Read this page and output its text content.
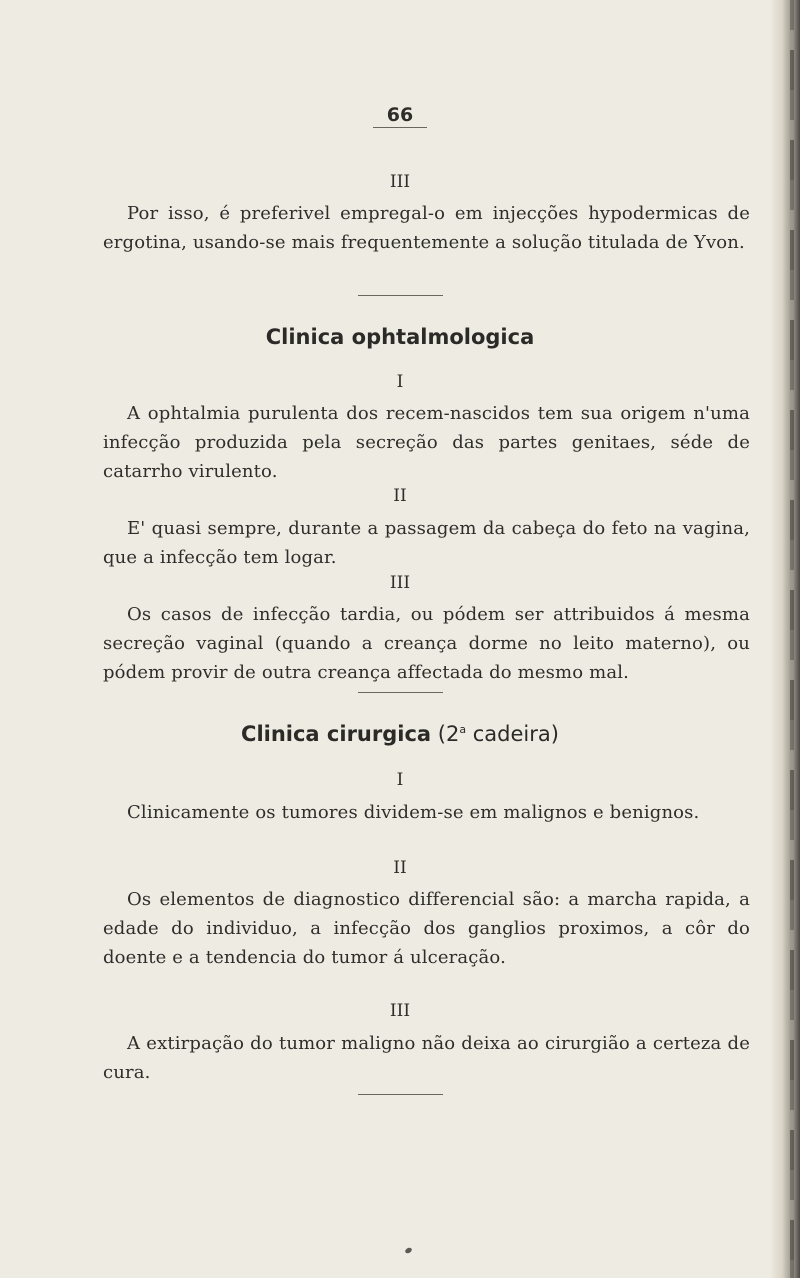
66
III

Por isso, é preferivel empregal-o em injecções hypodermicas de ergotina, usando-se mais frequentemente a solução titulada de Yvon.

Clinica ophtalmologica
I

A ophtalmia purulenta dos recem-nascidos tem sua origem n'uma infecção produzida pela secreção das partes genitaes, séde de catarrho virulento.

II

E' quasi sempre, durante a passagem da cabeça do feto na vagina, que a infecção tem logar.

III

Os casos de infecção tardia, ou pódem ser attribuidos á mesma secreção vaginal (quando a creança dorme no leito materno), ou pódem provir de outra creança affectada do mesmo mal.

Clinica cirurgica (2$^a$ cadeira)
I

Clinicamente os tumores dividem-se em malignos e benignos.

II

Os elementos de diagnostico differencial são: a marcha rapida, a edade do individuo, a infecção dos ganglios proximos, a côr do doente e a tendencia do tumor á ulceração.

III

A extirpação do tumor maligno não deixa ao cirurgião a certeza de cura.
